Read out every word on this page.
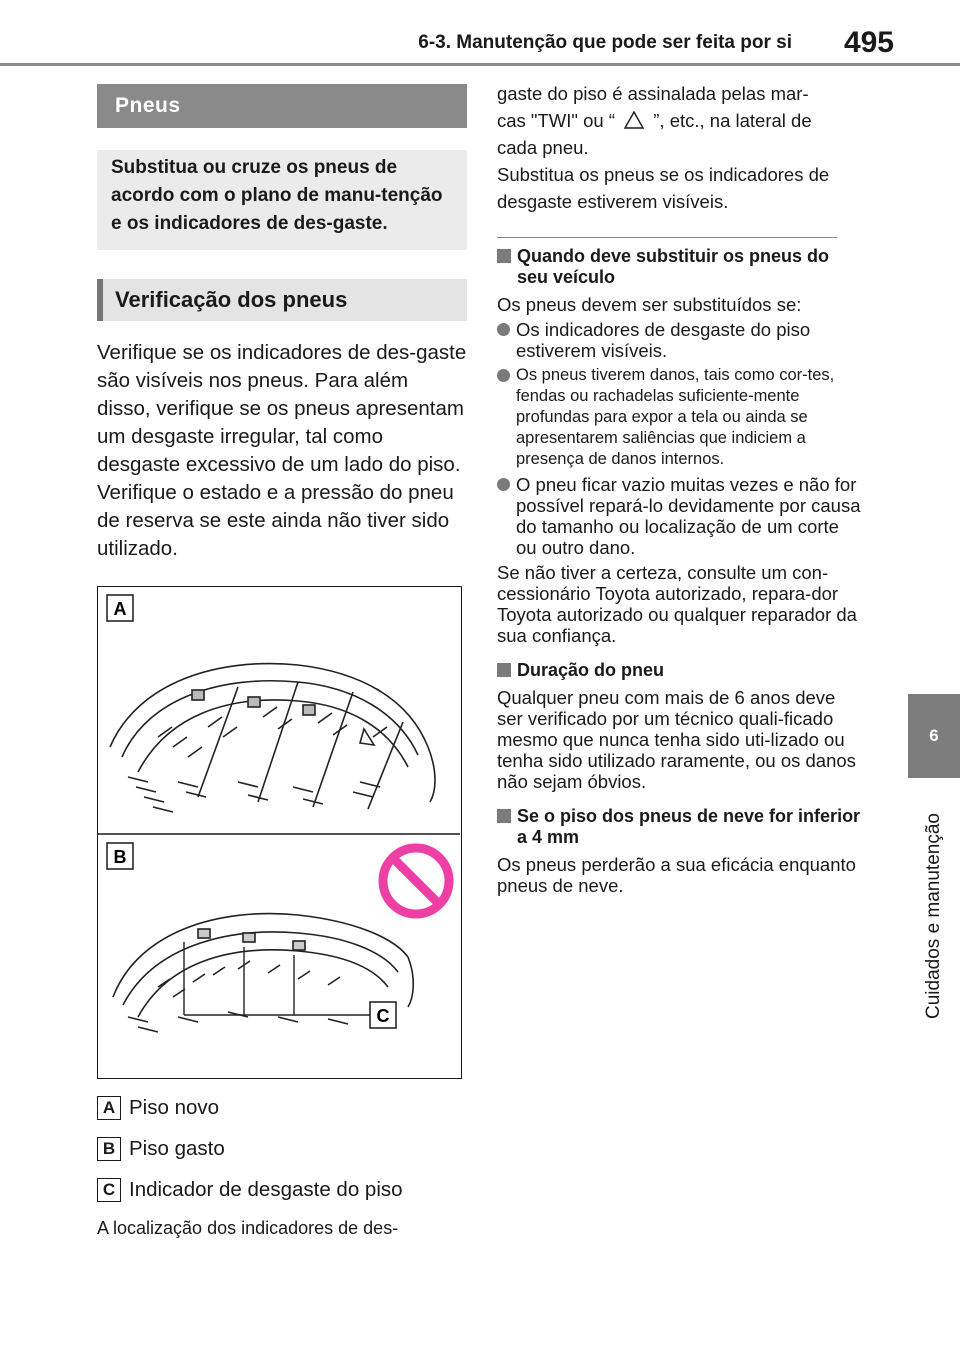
6-3. Manutenção que pode ser feita por si 495
6
Cuidados e manutenção
Pneus
Substitua ou cruze os pneus de acordo com o plano de manu-tenção e os indicadores de des-gaste.
Verificação dos pneus

Verifique se os indicadores de des-gaste são visíveis nos pneus. Para além disso, verifique se os pneus apresentam um desgaste irregular, tal como desgaste excessivo de um lado do piso.

Verifique o estado e a pressão do pneu de reserva se este ainda não tiver sido utilizado.

A
B
C
A Piso novo
B Piso gasto
C Indicador de desgaste do piso

A localização dos indicadores de des-

gaste do piso é assinalada pelas mar-

cas "TWI" ou “ ”, etc., na lateral de

cada pneu.

Substitua os pneus se os indicadores de desgaste estiverem visíveis.

Quando deve substituir os pneus do seu veículo

Os pneus devem ser substituídos se:

Os indicadores de desgaste do piso estiverem visíveis.
Os pneus tiverem danos, tais como cor-tes, fendas ou rachadelas suficiente-mente profundas para expor a tela ou ainda se apresentarem saliências que indiciem a presença de danos internos.
O pneu ficar vazio muitas vezes e não for possível repará-lo devidamente por causa do tamanho ou localização de um corte ou outro dano.

Se não tiver a certeza, consulte um con-cessionário Toyota autorizado, repara-dor Toyota autorizado ou qualquer reparador da sua confiança.

Duração do pneu

Qualquer pneu com mais de 6 anos deve ser verificado por um técnico quali-ficado mesmo que nunca tenha sido uti-lizado ou tenha sido utilizado raramente, ou os danos não sejam óbvios.

Se o piso dos pneus de neve for inferior a 4 mm

Os pneus perderão a sua eficácia enquanto pneus de neve.
